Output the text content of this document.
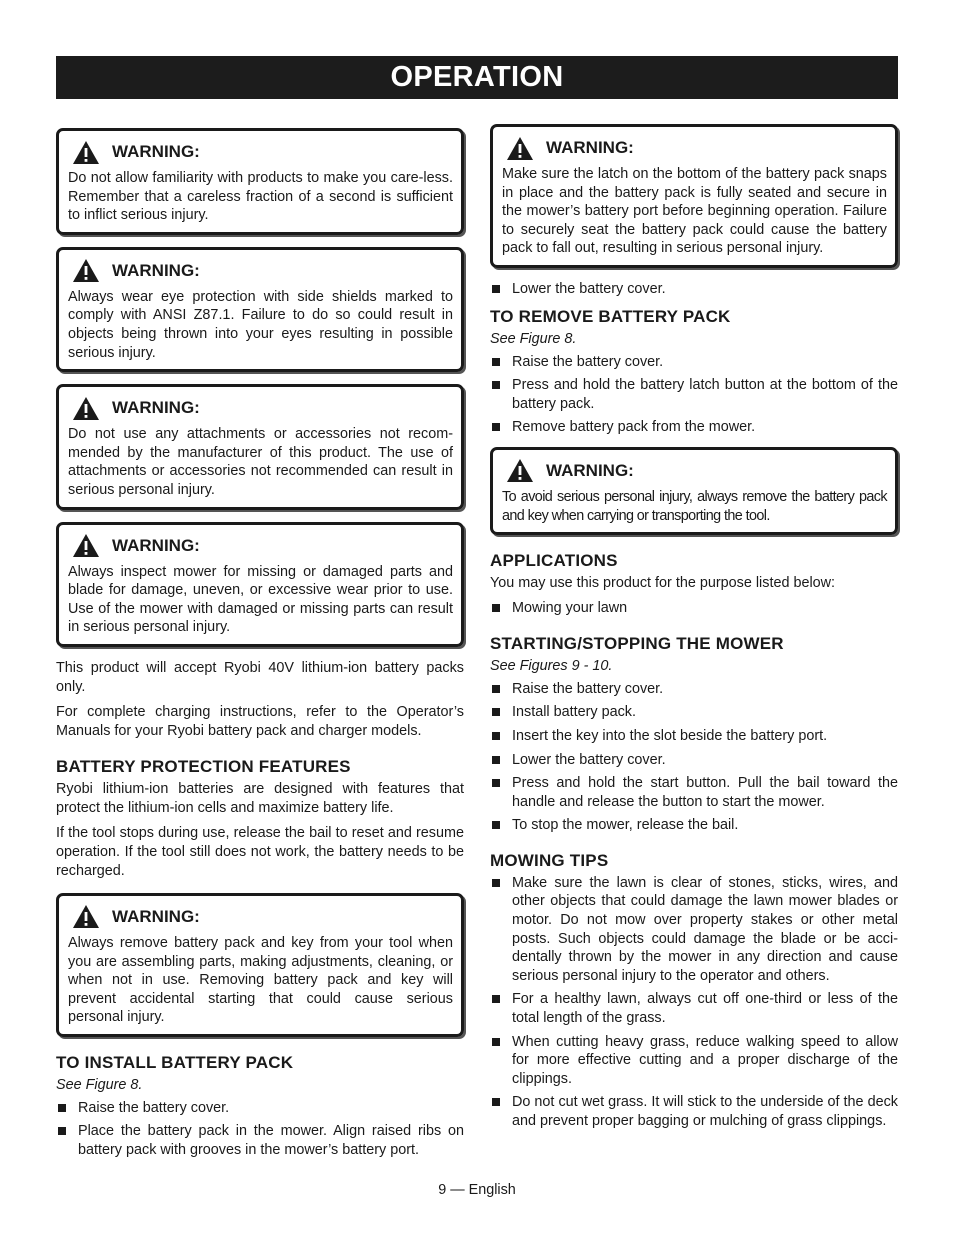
OPERATION
WARNING:
Do not allow familiarity with products to make you care-less. Remember that a careless fraction of a second is sufficient to inflict serious injury.
WARNING:
Always wear eye protection with side shields marked to comply with ANSI Z87.1. Failure to do so could result in objects being thrown into your eyes resulting in possible serious injury.
WARNING:
Do not use any attachments or accessories not recom-mended by the manufacturer of this product. The use of attachments or accessories not recommended can result in serious personal injury.
WARNING:
Always inspect mower for missing or damaged parts and blade for damage, uneven, or excessive wear prior to use. Use of the mower with damaged or missing parts can result in serious personal injury.

This product will accept Ryobi 40V lithium-ion battery packs only.

For complete charging instructions, refer to the Operator’s Manuals for your Ryobi battery pack and charger models.

BATTERY PROTECTION FEATURES

Ryobi lithium-ion batteries are designed with features that protect the lithium-ion cells and maximize battery life.

If the tool stops during use, release the bail to reset and resume operation. If the tool still does not work, the battery needs to be recharged.

WARNING:
Always remove battery pack and key from your tool when you are assembling parts, making adjustments, cleaning, or when not in use. Removing battery pack and key will prevent accidental starting that could cause serious personal injury.
TO INSTALL BATTERY PACK
See Figure 8.
Raise the battery cover.
Place the battery pack in the mower. Align raised ribs on battery pack with grooves in the mower’s battery port.
WARNING:
Make sure the latch on the bottom of the battery pack snaps in place and the battery pack is fully seated and secure in the mower’s battery port before beginning operation. Failure to securely seat the battery pack could cause the battery pack to fall out, resulting in serious personal injury.
Lower the battery cover.
TO REMOVE BATTERY PACK
See Figure 8.
Raise the battery cover.
Press and hold the battery latch button at the bottom of the battery pack.
Remove battery pack from the mower.
WARNING:
To avoid serious personal injury, always remove the battery pack and key when carrying or transporting the tool.
APPLICATIONS

You may use this product for the purpose listed below:

Mowing your lawn
STARTING/STOPPING THE MOWER
See Figures 9 - 10.
Raise the battery cover.
Install battery pack.
Insert the key into the slot beside the battery port.
Lower the battery cover.
Press and hold the start button. Pull the bail toward the handle and release the button to start the mower.
To stop the mower, release the bail.
MOWING TIPS
Make sure the lawn is clear of stones, sticks, wires, and other objects that could damage the lawn mower blades or motor. Do not mow over property stakes or other metal posts. Such objects could damage the blade or be acci-dentally thrown by the mower in any direction and cause serious personal injury to the operator and others.
For a healthy lawn, always cut off one-third or less of the total length of the grass.
When cutting heavy grass, reduce walking speed to allow for more effective cutting and a proper discharge of the clippings.
Do not cut wet grass. It will stick to the underside of the deck and prevent proper bagging or mulching of grass clippings.
9 — English
